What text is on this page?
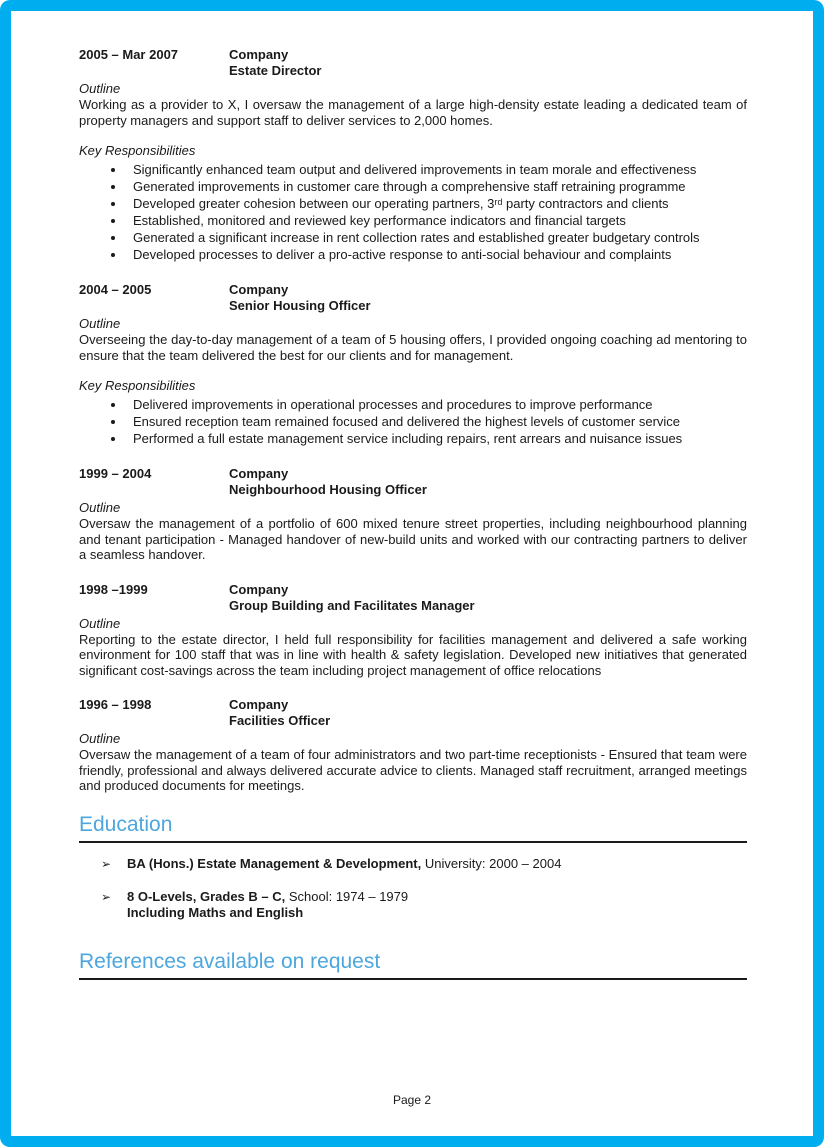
2005 – Mar 2007	Company
Estate Director
Outline
Working as a provider to X, I oversaw the management of a large high-density estate leading a dedicated team of property managers and support staff to deliver services to 2,000 homes.
Key Responsibilities
• Significantly enhanced team output and delivered improvements in team morale and effectiveness
• Generated improvements in customer care through a comprehensive staff retraining programme
• Developed greater cohesion between our operating partners, 3ʳᵈ party contractors and clients
• Established, monitored and reviewed key performance indicators and financial targets
• Generated a significant increase in rent collection rates and established greater budgetary controls
• Developed processes to deliver a pro-active response to anti-social behaviour and complaints
2004 – 2005	Company
Senior Housing Officer
Outline
Overseeing the day-to-day management of a team of 5 housing offers, I provided ongoing coaching ad mentoring to ensure that the team delivered the best for our clients and for management.
Key Responsibilities
• Delivered improvements in operational processes and procedures to improve performance
• Ensured reception team remained focused and delivered the highest levels of customer service
• Performed a full estate management service including repairs, rent arrears and nuisance issues
1999 – 2004	Company
Neighbourhood Housing Officer
Outline
Oversaw the management of a portfolio of 600 mixed tenure street properties, including neighbourhood planning and tenant participation - Managed handover of new-build units and worked with our contracting partners to deliver a seamless handover.
1998 –1999	Company
Group Building and Facilitates Manager
Outline
Reporting to the estate director, I held full responsibility for facilities management and delivered a safe working environment for 100 staff that was in line with health & safety legislation. Developed new initiatives that generated significant cost-savings across the team including project management of office relocations
1996 – 1998	Company
Facilities Officer
Outline
Oversaw the management of a team of four administrators and two part-time receptionists - Ensured that team were friendly, professional and always delivered accurate advice to clients. Managed staff recruitment, arranged meetings and produced documents for meetings.
Education
➢	BA (Hons.) Estate Management & Development, University: 2000 – 2004
➢	8 O-Levels, Grades B – C, School: 1974 – 1979
Including Maths and English
References available on request
Page 2
